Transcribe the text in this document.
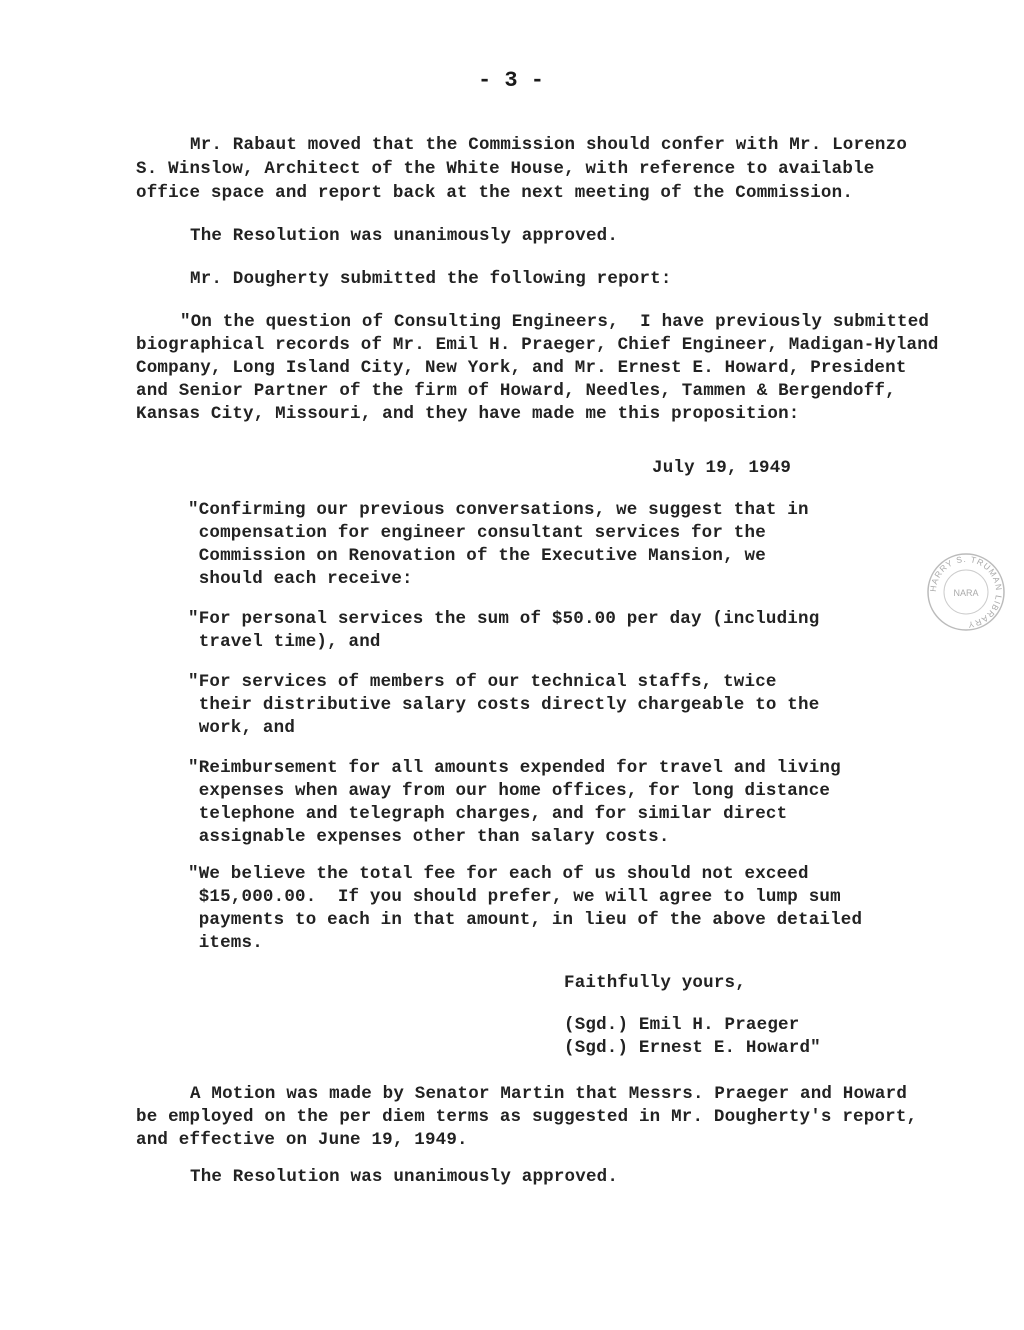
- 3 -
Mr. Rabaut moved that the Commission should confer with Mr. Lorenzo
S. Winslow, Architect of the White House, with reference to available
office space and report back at the next meeting of the Commission.
The Resolution was unanimously approved.
Mr. Dougherty submitted the following report:
"On the question of Consulting Engineers,  I have previously submitted
biographical records of Mr. Emil H. Praeger, Chief Engineer, Madigan-Hyland
Company, Long Island City, New York, and Mr. Ernest E. Howard, President
and Senior Partner of the firm of Howard, Needles, Tammen & Bergendoff,
Kansas City, Missouri, and they have made me this proposition:
July 19, 1949
"Confirming our previous conversations, we suggest that in
compensation for engineer consultant services for the
Commission on Renovation of the Executive Mansion, we
should each receive:
"For personal services the sum of $50.00 per day (including
travel time), and
"For services of members of our technical staffs, twice
their distributive salary costs directly chargeable to the
work, and
"Reimbursement for all amounts expended for travel and living
expenses when away from our home offices, for long distance
telephone and telegraph charges, and for similar direct
assignable expenses other than salary costs.
"We believe the total fee for each of us should not exceed
$15,000.00.  If you should prefer, we will agree to lump sum
payments to each in that amount, in lieu of the above detailed
items.
Faithfully yours,
(Sgd.) Emil H. Praeger
(Sgd.) Ernest E. Howard"
A Motion was made by Senator Martin that Messrs. Praeger and Howard
be employed on the per diem terms as suggested in Mr. Dougherty's report,
and effective on June 19, 1949.
The Resolution was unanimously approved.
HARRY S. TRUMAN LIBRARY
NARA
